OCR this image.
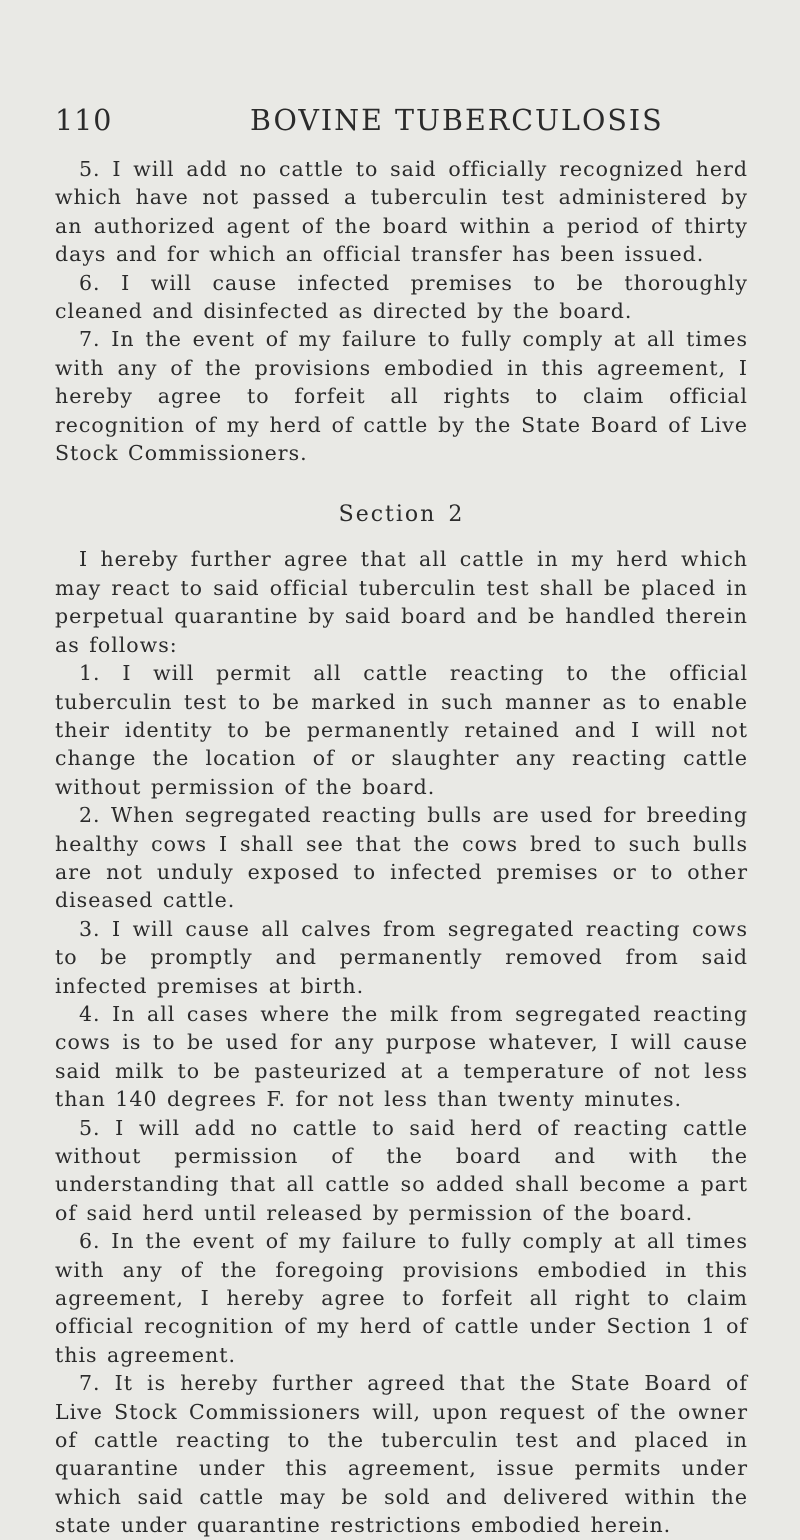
110	BOVINE TUBERCULOSIS

5. I will add no cattle to said officially recognized herd which have not passed a tuberculin test administered by an authorized agent of the board within a period of thirty days and for which an official transfer has been issued.

6. I will cause infected premises to be thoroughly cleaned and disinfected as directed by the board.

7. In the event of my failure to fully comply at all times with any of the provisions embodied in this agreement, I hereby agree to forfeit all rights to claim official recognition of my herd of cattle by the State Board of Live Stock Commissioners.

Section 2

I hereby further agree that all cattle in my herd which may react to said official tuberculin test shall be placed in perpetual quarantine by said board and be handled therein as follows:

1. I will permit all cattle reacting to the official tuberculin test to be marked in such manner as to enable their identity to be permanently retained and I will not change the location of or slaughter any reacting cattle without permission of the board.

2. When segregated reacting bulls are used for breeding healthy cows I shall see that the cows bred to such bulls are not unduly exposed to infected premises or to other diseased cattle.

3. I will cause all calves from segregated reacting cows to be promptly and permanently removed from said infected premises at birth.

4. In all cases where the milk from segregated reacting cows is to be used for any purpose whatever, I will cause said milk to be pasteurized at a temperature of not less than 140 degrees F. for not less than twenty minutes.

5. I will add no cattle to said herd of reacting cattle without permission of the board and with the understanding that all cattle so added shall become a part of said herd until released by permission of the board.

6. In the event of my failure to fully comply at all times with any of the foregoing provisions embodied in this agreement, I hereby agree to forfeit all right to claim official recognition of my herd of cattle under Section 1 of this agreement.

7. It is hereby further agreed that the State Board of Live Stock Commissioners will, upon request of the owner of cattle reacting to the tuberculin test and placed in quarantine under this agreement, issue permits under which said cattle may be sold and delivered within the state under quarantine restrictions embodied herein.
